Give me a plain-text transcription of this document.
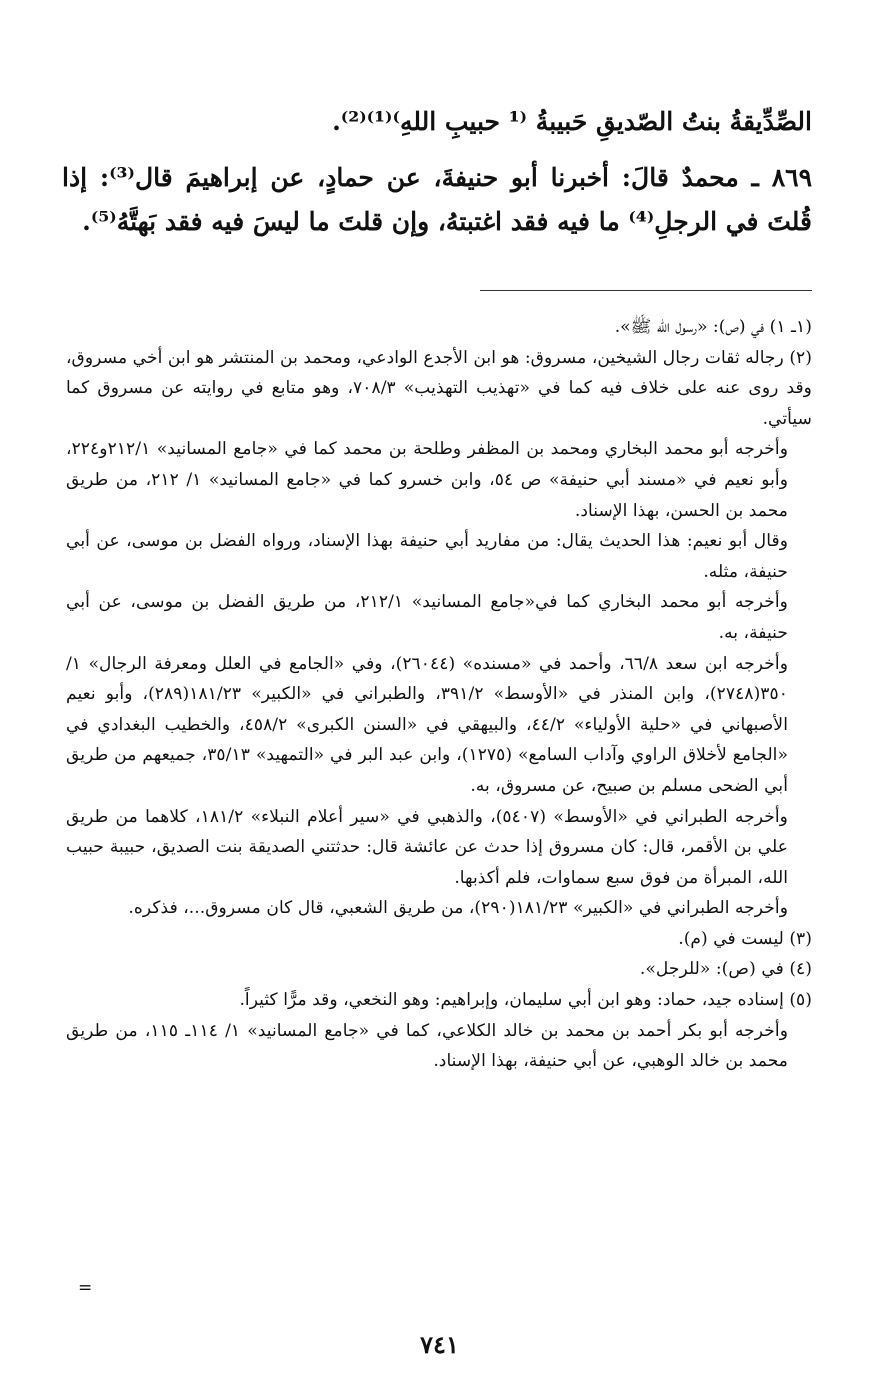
الصِّدِّيقةُ بنتُ الصّديقِ حَبيبةُ ⁽¹ حبيبِ اللهِ⁾⁽¹⁾⁽²⁾.

٨٦٩ ـ محمدٌ قالَ: أخبرنا أبو حنيفةَ، عن حمادٍ، عن إبراهيمَ قال⁽³⁾: إذا قُلتَ في الرجلِ⁽⁴⁾ ما فيه فقد اغتبتهُ، وإن قلتَ ما ليسَ فيه فقد بَهتَّهُ⁽⁵⁾.

(١ـ ١) في (ص): «رسول الله ﷺ».

(٢) رجاله ثقات رجال الشيخين، مسروق: هو ابن الأجدع الوادعي، ومحمد بن المنتشر هو ابن أخي مسروق، وقد روى عنه على خلاف فيه كما في «تهذيب التهذيب» ٧٠٨/٣، وهو متابع في روايته عن مسروق كما سيأتي.

وأخرجه أبو محمد البخاري ومحمد بن المظفر وطلحة بن محمد كما في «جامع المسانيد» ٢١٢/١و٢٢٤، وأبو نعيم في «مسند أبي حنيفة» ص ٥٤، وابن خسرو كما في «جامع المسانيد» ١/ ٢١٢، من طريق محمد بن الحسن، بهذا الإسناد.

وقال أبو نعيم: هذا الحديث يقال: من مفاريد أبي حنيفة بهذا الإسناد، ورواه الفضل بن موسى، عن أبي حنيفة، مثله.

وأخرجه أبو محمد البخاري كما في«جامع المسانيد» ٢١٢/١، من طريق الفضل بن موسى، عن أبي حنيفة، به.

وأخرجه ابن سعد ٦٦/٨، وأحمد في «مسنده» (٢٦٠٤٤)، وفي «الجامع في العلل ومعرفة الرجال» ١/ ٣٥٠(٢٧٤٨)، وابن المنذر في «الأوسط» ٣٩١/٢، والطبراني في «الكبير» ١٨١/٢٣(٢٨٩)، وأبو نعيم الأصبهاني في «حلية الأولياء» ٤٤/٢، والبيهقي في «السنن الكبرى» ٤٥٨/٢، والخطيب البغدادي في «الجامع لأخلاق الراوي وآداب السامع» (١٢٧٥)، وابن عبد البر في «التمهيد» ٣٥/١٣، جميعهم من طريق أبي الضحى مسلم بن صبيح، عن مسروق، به.

وأخرجه الطبراني في «الأوسط» (٥٤٠٧)، والذهبي في «سير أعلام النبلاء» ١٨١/٢، كلاهما من طريق علي بن الأقمر، قال: كان مسروق إذا حدث عن عائشة قال: حدثتني الصديقة بنت الصديق، حبيبة حبيب الله، المبرأة من فوق سبع سماوات، فلم أكذبها.

وأخرجه الطبراني في «الكبير» ١٨١/٢٣(٢٩٠)، من طريق الشعبي، قال كان مسروق...، فذكره.

(٣) ليست في (م).

(٤) في (ص): «للرجل».

(٥) إسناده جيد، حماد: وهو ابن أبي سليمان، وإبراهيم: وهو النخعي، وقد مرًّا كثيراً.

وأخرجه أبو بكر أحمد بن محمد بن خالد الكلاعي، كما في «جامع المسانيد» ١/ ١١٤ـ ١١٥، من طريق محمد بن خالد الوهبي، عن أبي حنيفة، بهذا الإسناد.

=
٧٤١
